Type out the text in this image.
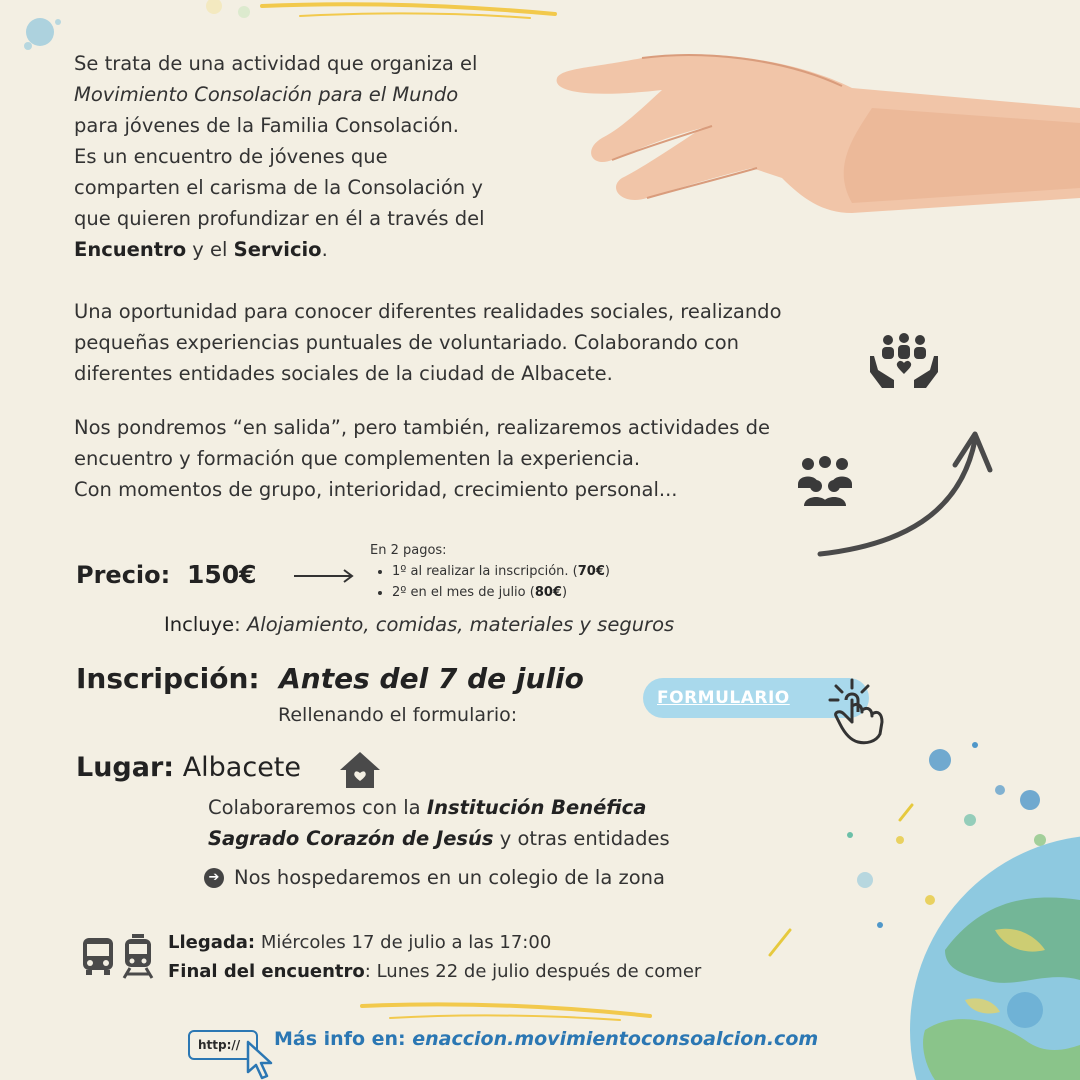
Se trata de una actividad que organiza el
Movimiento Consolación para el Mundo
para jóvenes de la Familia Consolación.
Es un encuentro de jóvenes que
comparten el carisma de la Consolación y
que quieren profundizar en él a través del
Encuentro y el Servicio.
Una oportunidad para conocer diferentes realidades sociales, realizando
pequeñas experiencias puntuales de voluntariado. Colaborando con
diferentes entidades sociales de la ciudad de Albacete.
Nos pondremos “en salida”, pero también, realizaremos actividades de
encuentro y formación que complementen la experiencia.
Con momentos de grupo, interioridad, crecimiento personal...
Precio: 150€
En 2 pagos:
• 1º al realizar la inscripción. (70€)
• 2º en el mes de julio (80€)
Incluye: Alojamiento, comidas, materiales y seguros
Inscripción: Antes del 7 de julio
Rellenando el formulario:
FORMULARIO
Lugar: Albacete
Colaboraremos con la Institución Benéfica
Sagrado Corazón de Jesús y otras entidades
➔ Nos hospedaremos en un colegio de la zona
Llegada: Miércoles 17 de julio a las 17:00
Final del encuentro: Lunes 22 de julio después de comer
http://	Más info en: enaccion.movimientoconsoalcion.com
